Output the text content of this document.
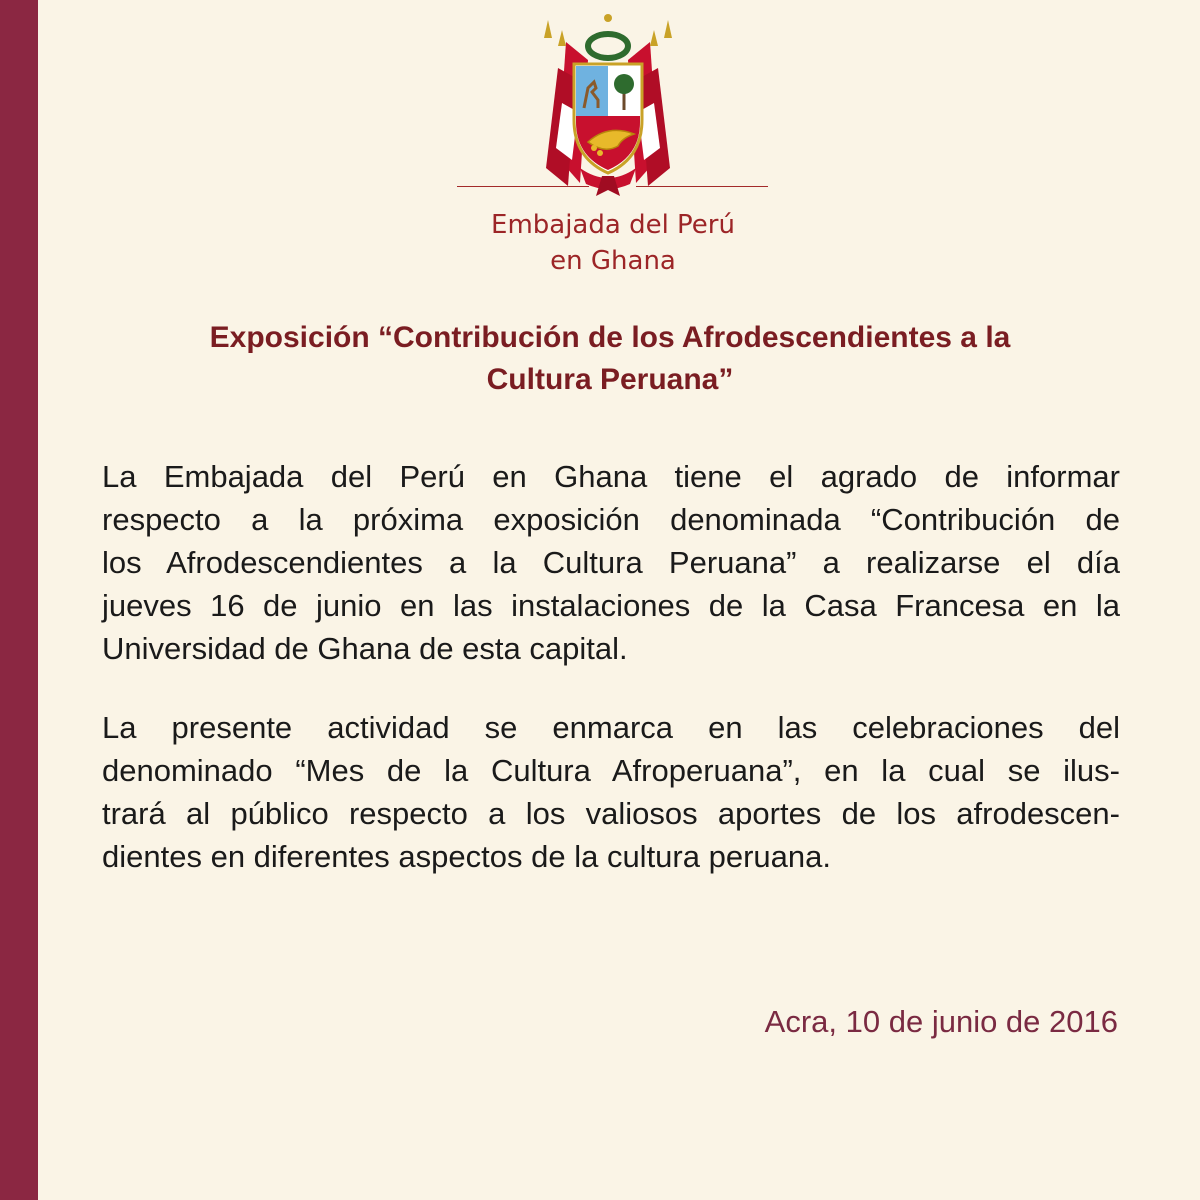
Embajada del Perú
en Ghana
Exposición “Contribución de los Afrodescendientes a la
Cultura Peruana”
La Embajada del Perú en Ghana tiene el agrado de informar
respecto a la próxima exposición denominada “Contribución de
los Afrodescendientes a la Cultura Peruana” a realizarse el día
jueves 16 de junio en las instalaciones de la Casa Francesa en la
Universidad de Ghana de esta capital.
La presente actividad se enmarca en las celebraciones del
denominado “Mes de la Cultura Afroperuana”, en la cual se ilus-
trará al público respecto a los valiosos aportes de los afrodescen-
dientes en diferentes aspectos de la cultura peruana.
Acra, 10 de junio de 2016
